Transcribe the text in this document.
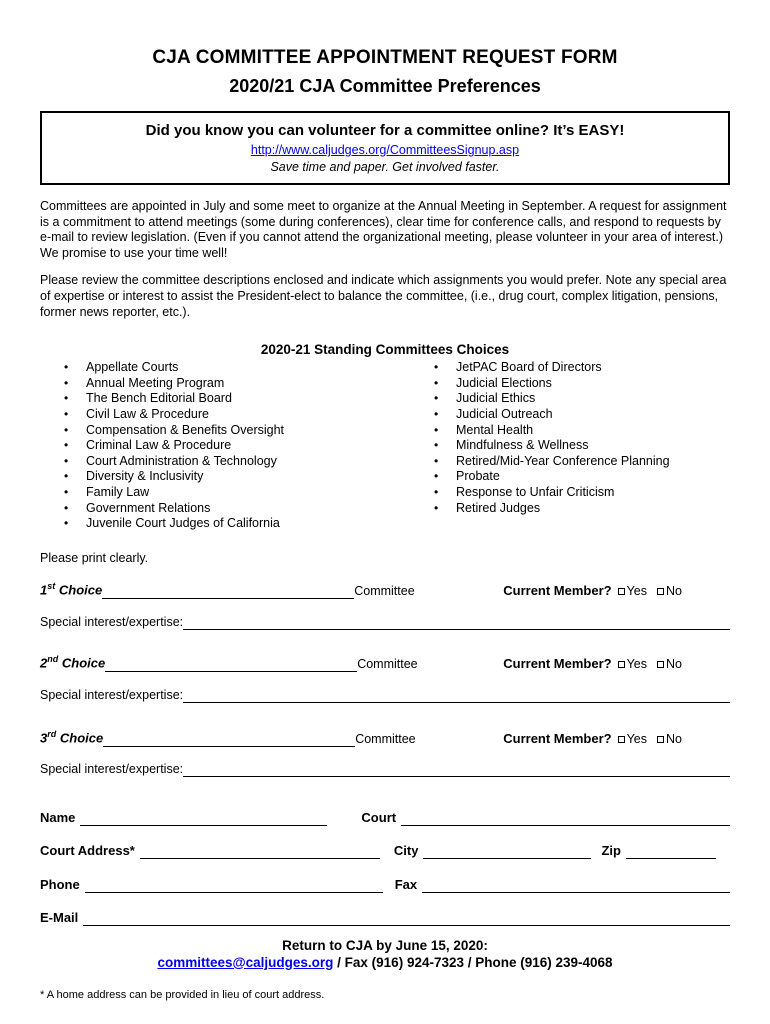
CJA COMMITTEE APPOINTMENT REQUEST FORM
2020/21 CJA Committee Preferences
Did you know you can volunteer for a committee online? It’s EASY!
http://www.caljudges.org/CommitteesSignup.asp
Save time and paper. Get involved faster.
Committees are appointed in July and some meet to organize at the Annual Meeting in September. A request for assignment is a commitment to attend meetings (some during conferences), clear time for conference calls, and respond to requests by e-mail to review legislation. (Even if you cannot attend the organizational meeting, please volunteer in your area of interest.) We promise to use your time well!
Please review the committee descriptions enclosed and indicate which assignments you would prefer. Note any special area of expertise or interest to assist the President-elect to balance the committee, (i.e., drug court, complex litigation, pensions, former news reporter, etc.).
2020-21 Standing Committees Choices
•	Appellate Courts
•	Annual Meeting Program
•	The Bench Editorial Board
•	Civil Law & Procedure
•	Compensation & Benefits Oversight
•	Criminal Law & Procedure
•	Court Administration & Technology
•	Diversity & Inclusivity
•	Family Law
•	Government Relations
•	Juvenile Court Judges of California
•	JetPAC Board of Directors
•	Judicial Elections
•	Judicial Ethics
•	Judicial Outreach
•	Mental Health
•	Mindfulness & Wellness
•	Retired/Mid-Year Conference Planning
•	Probate
•	Response to Unfair Criticism
•	Retired Judges
Please print clearly.
1st Choice	Committee	Current Member?	Yes No
Special interest/expertise:
2nd Choice	Committee	Current Member?	Yes No
Special interest/expertise:
3rd Choice	Committee	Current Member?	Yes No
Special interest/expertise:
Name	Court
Court Address*	City	Zip
Phone	Fax
E-Mail
Return to CJA by June 15, 2020:
committees@caljudges.org / Fax (916) 924-7323 / Phone (916) 239-4068
* A home address can be provided in lieu of court address.
